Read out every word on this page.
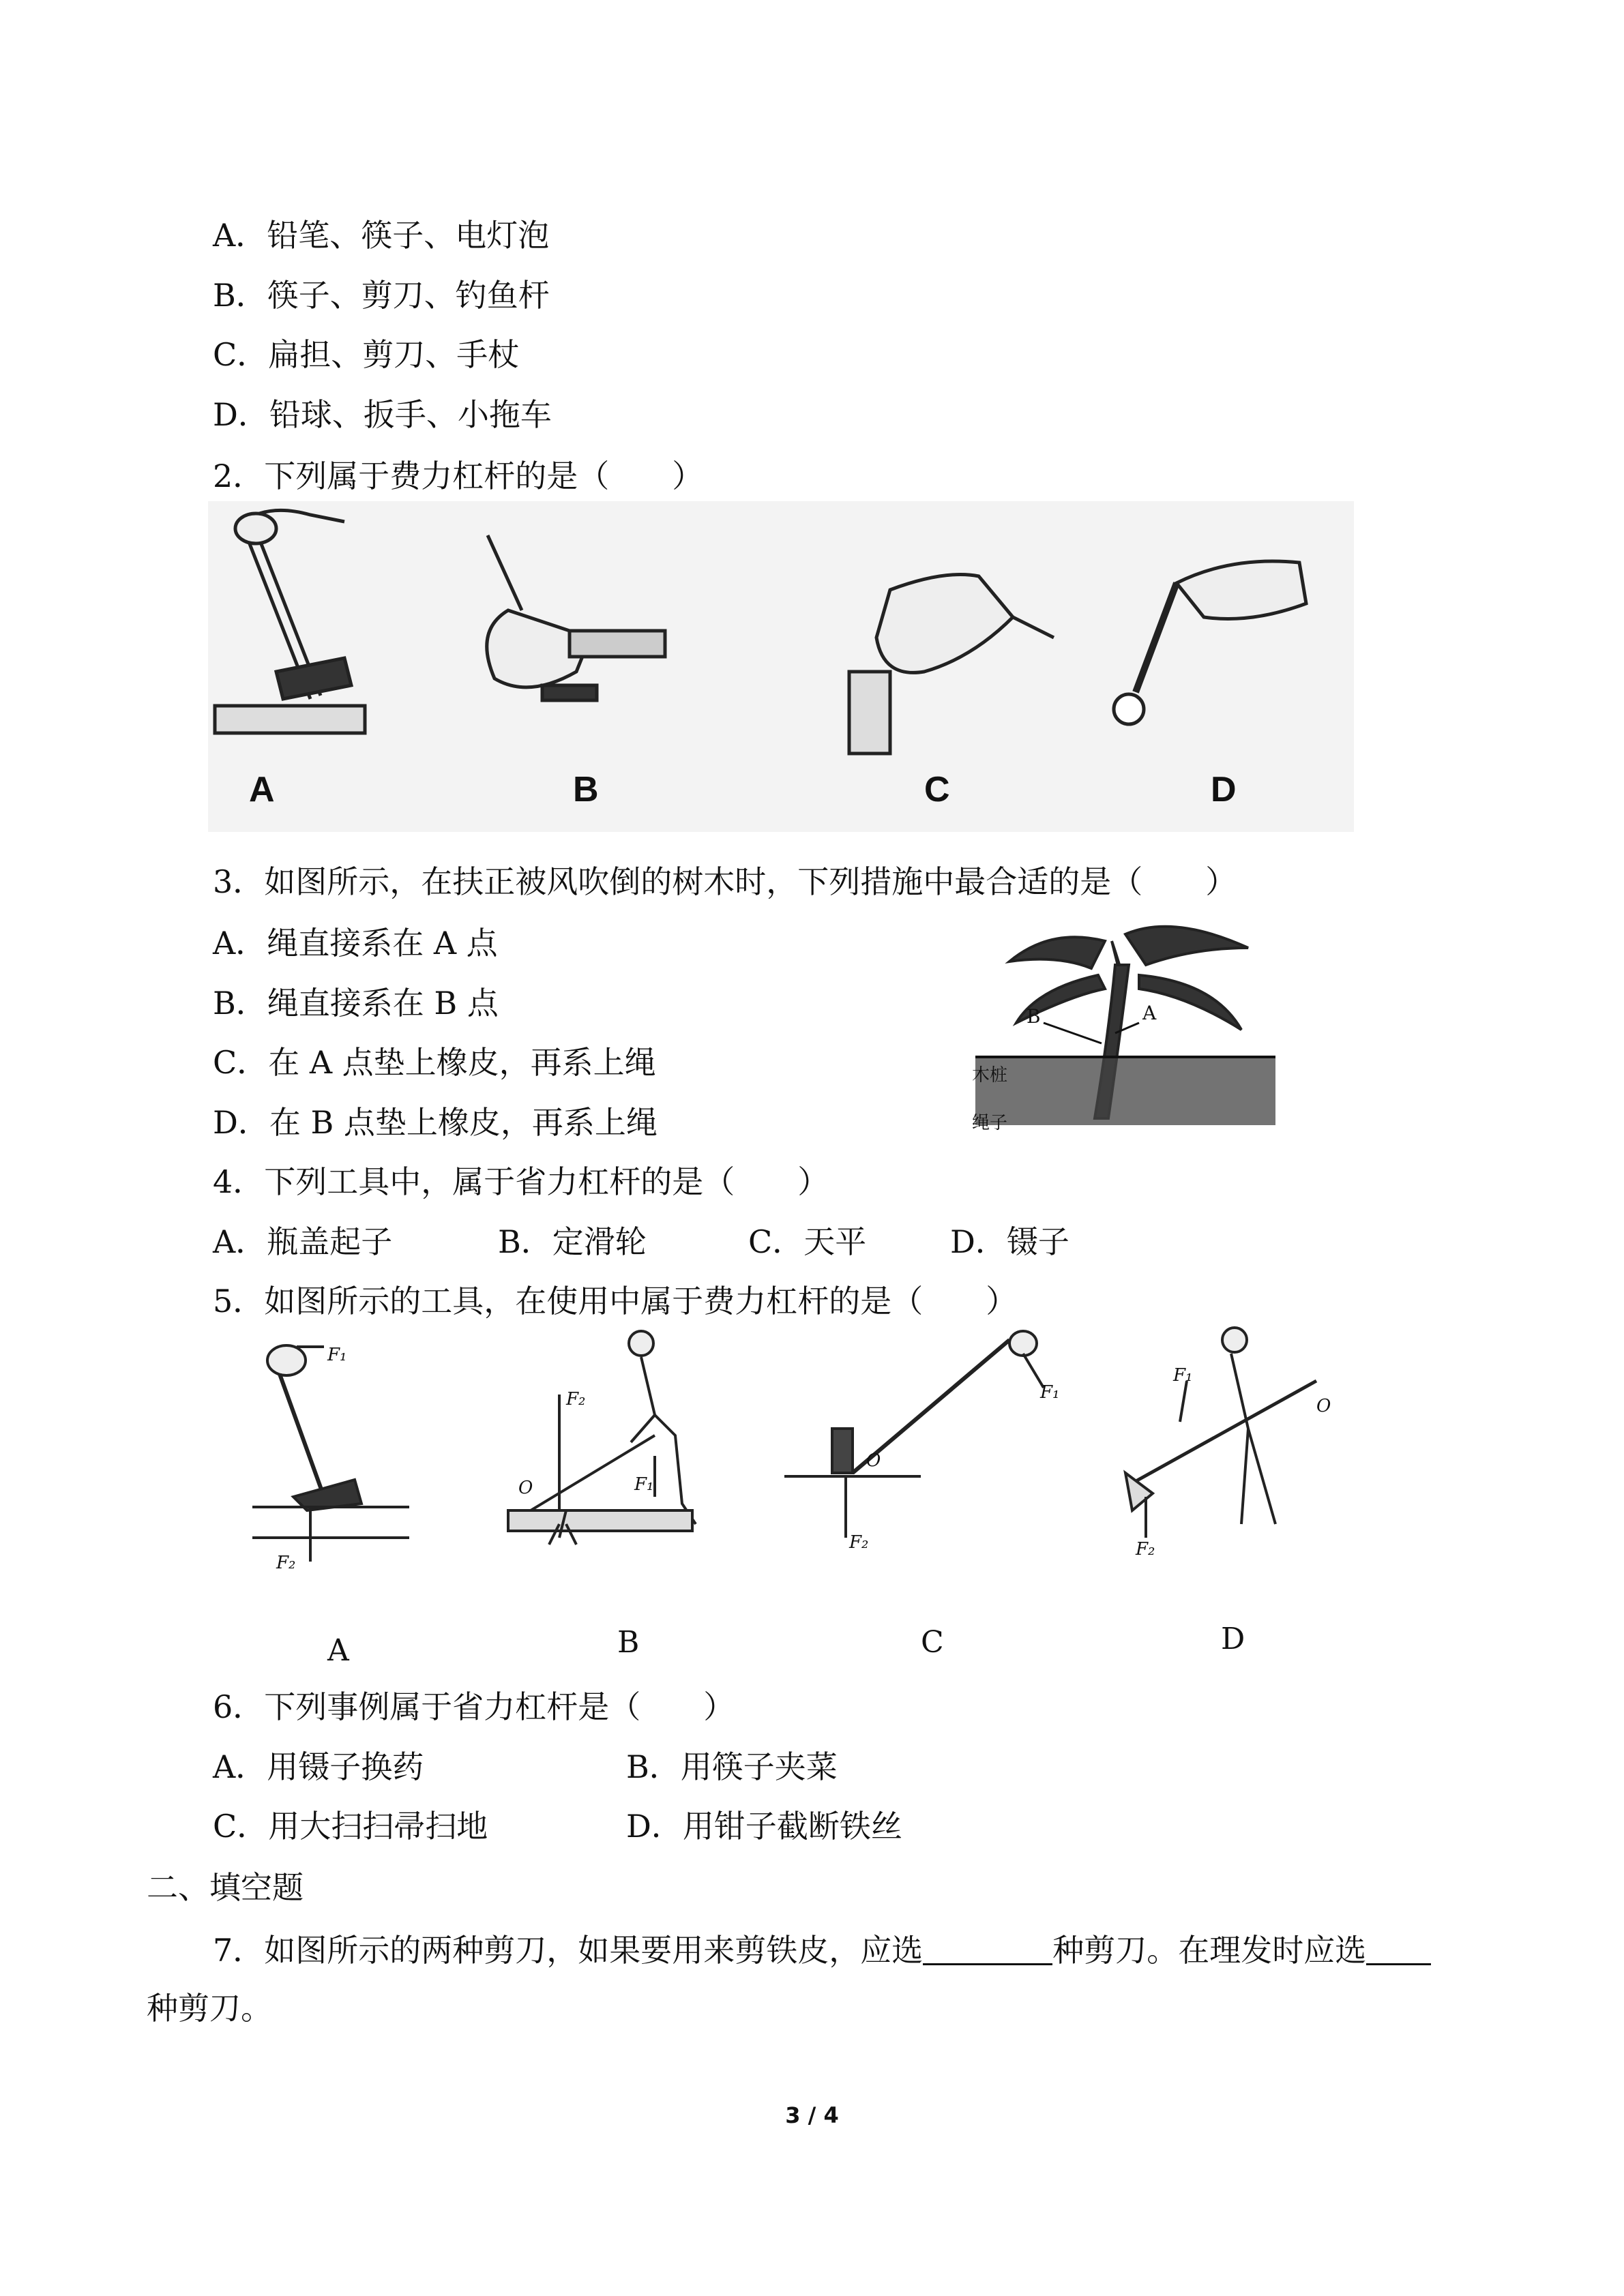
A．铅笔、筷子、电灯泡
B．筷子、剪刀、钓鱼杆
C．扁担、剪刀、手杖
D．铅球、扳手、小拖车
2．下列属于费力杠杆的是（　　）
A	B	C	D
3．如图所示，在扶正被风吹倒的树木时，下列措施中最合适的是（　　）
A．绳直接系在 A 点
B．绳直接系在 B 点
C．在 A 点垫上橡皮，再系上绳
D．在 B 点垫上橡皮，再系上绳
B	A
木桩
绳子
4．下列工具中，属于省力杠杆的是（　　）
A．瓶盖起子	B．定滑轮	C．天平	D．镊子
5．如图所示的工具，在使用中属于费力杠杆的是（　　）
F₁
F₂
A
F₂
F₁
O
B
F₁
F₂
O
C
F₁
F₂
O
D
6．下列事例属于省力杠杆是（　　）
A．用镊子换药	B．用筷子夹菜
C．用大扫扫帚扫地	D．用钳子截断铁丝
二、填空题
7．如图所示的两种剪刀，如果要用来剪铁皮，应选	种剪刀。在理发时应选
种剪刀。
3 / 4
